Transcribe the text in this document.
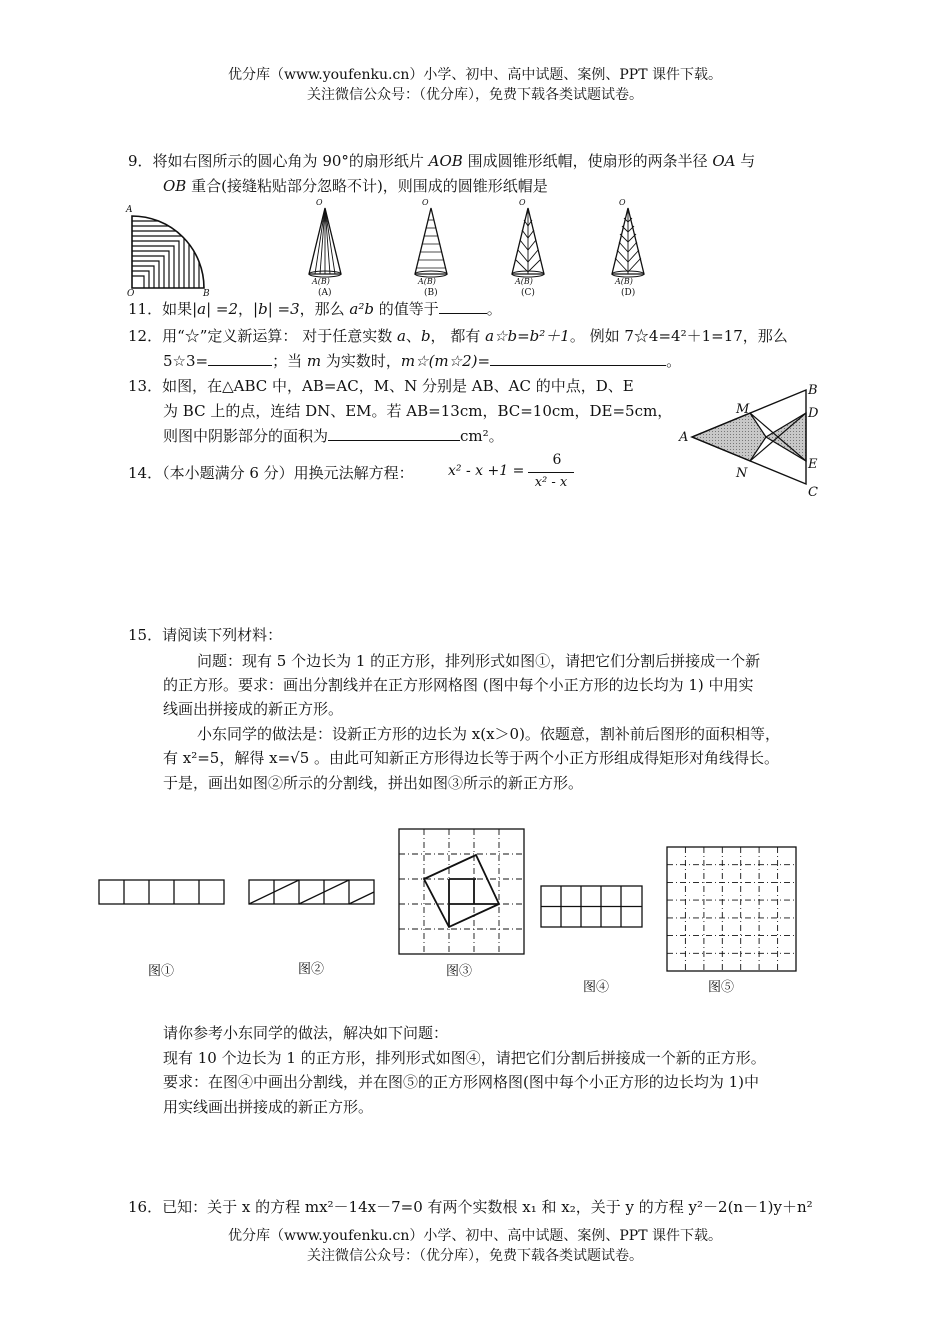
优分库（www.youfenku.cn）小学、初中、高中试题、案例、PPT 课件下载。
关注微信公众号：（优分库），免费下载各类试题试卷。
9．将如右图所示的圆心角为 90°的扇形纸片 AOB 围成圆锥形纸帽，使扇形的两条半径 OA 与
OB 重合(接缝粘贴部分忽略不计)，则围成的圆锥形纸帽是
A
O	B
O	O	O	O
A(B)	A(B)	A(B)	A(B)
(A)	(B)	(C)	(D)
11．如果|a| =2，|b| =3，那么 a²b 的值等于	。
12．用“☆”定义新运算： 对于任意实数 a、b， 都有 a☆b=b²＋1。 例如 7☆4=4²＋1=17，那么
5☆3=	；当 m 为实数时，m☆(m☆2)=	。
13．如图，在△ABC 中，AB=AC，M、N 分别是 AB、AC 的中点，D、E
为 BC 上的点，连结 DN、EM。若 AB=13cm，BC=10cm，DE=5cm，
则图中阴影部分的面积为	cm²。	A
B
C
D
E
M
N
14．（本小题满分 6 分）用换元法解方程： x² - x +1 =
6
x² - x
15．请阅读下列材料：
问题：现有 5 个边长为 1 的正方形，排列形式如图①，请把它们分割后拼接成一个新
的正方形。要求：画出分割线并在正方形网格图 (图中每个小正方形的边长均为 1) 中用实
线画出拼接成的新正方形。
小东同学的做法是：设新正方形的边长为 x(x＞0)。依题意，割补前后图形的面积相等，
有 x²=5，解得 x=√5 。由此可知新正方形得边长等于两个小正方形组成得矩形对角线得长。
于是，画出如图②所示的分割线，拼出如图③所示的新正方形。
图①	图②	图③
图④	图⑤
请你参考小东同学的做法，解决如下问题：
现有 10 个边长为 1 的正方形，排列形式如图④，请把它们分割后拼接成一个新的正方形。
要求：在图④中画出分割线，并在图⑤的正方形网格图(图中每个小正方形的边长均为 1)中
用实线画出拼接成的新正方形。
16．已知：关于 x 的方程 mx²－14x－7=0 有两个实数根 x₁ 和 x₂，关于 y 的方程 y²－2(n－1)y＋n²
优分库（www.youfenku.cn）小学、初中、高中试题、案例、PPT 课件下载。
关注微信公众号：（优分库），免费下载各类试题试卷。
